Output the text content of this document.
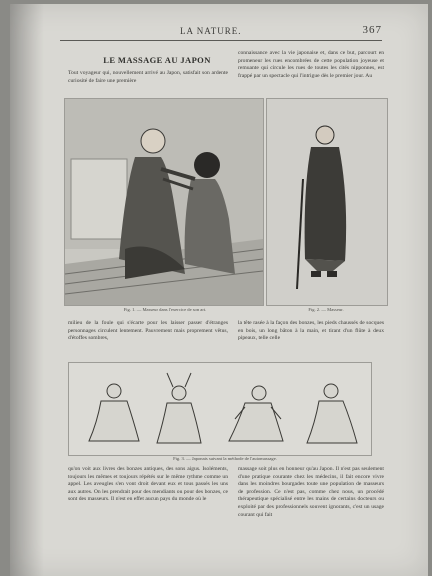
LA NATURE.	367
LE MASSAGE AU JAPON
Tout voyageur qui, nouvellement arrivé au Japon, satisfait son ardente curiosité de faire une première
connaissance avec la vie japonaise et, dans ce but, parcourt en promeneur les rues encombrées de cette population joyeuse et remuante qui circule les rues de toutes les cités nipponnes, est frappé par un spectacle qui l'intrigue dès le premier jour. Au
Fig. 1. — Masseur dans l'exercice de son art.	Fig. 2. — Masseur.
milieu de la foule qui s'écarte pour les laisser passer d'étranges personnages circulent lentement. Pauvrement mais proprement vêtus, d'étoffes sombres,
la tête rasée à la façon des bonzes, les pieds chaussés de socques en bois, un long bâton à la main, et tirant d'un flûte à deux pipeaux, telle celle
Fig. 3. — Japonais suivant la méthode de l'automassage.
qu'on voit aux livres des bonzes antiques, des sons aigus. Isoléments, toujours les mêmes et toujours répétés sur le même rythme comme un appel. Les aveugles s'en vont droit devant eux et tous passés les uns aux autres. On les prendrait pour des mendiants ou pour des bonzes, ce sont des masseurs. Il n'est en effet aucun pays du monde où le
massage soit plus en honneur qu'au Japon. Il n'est pas seulement d'une pratique courante chez les médecins, il fait encore vivre dans les moindres bourgades toute une population de masseurs de profession. Ce n'est pas, comme chez nous, un procédé thérapeutique spécialisé entre les mains de certains docteurs ou exploité par des professionnels souvent ignorants, c'est un usage courant qui fait
